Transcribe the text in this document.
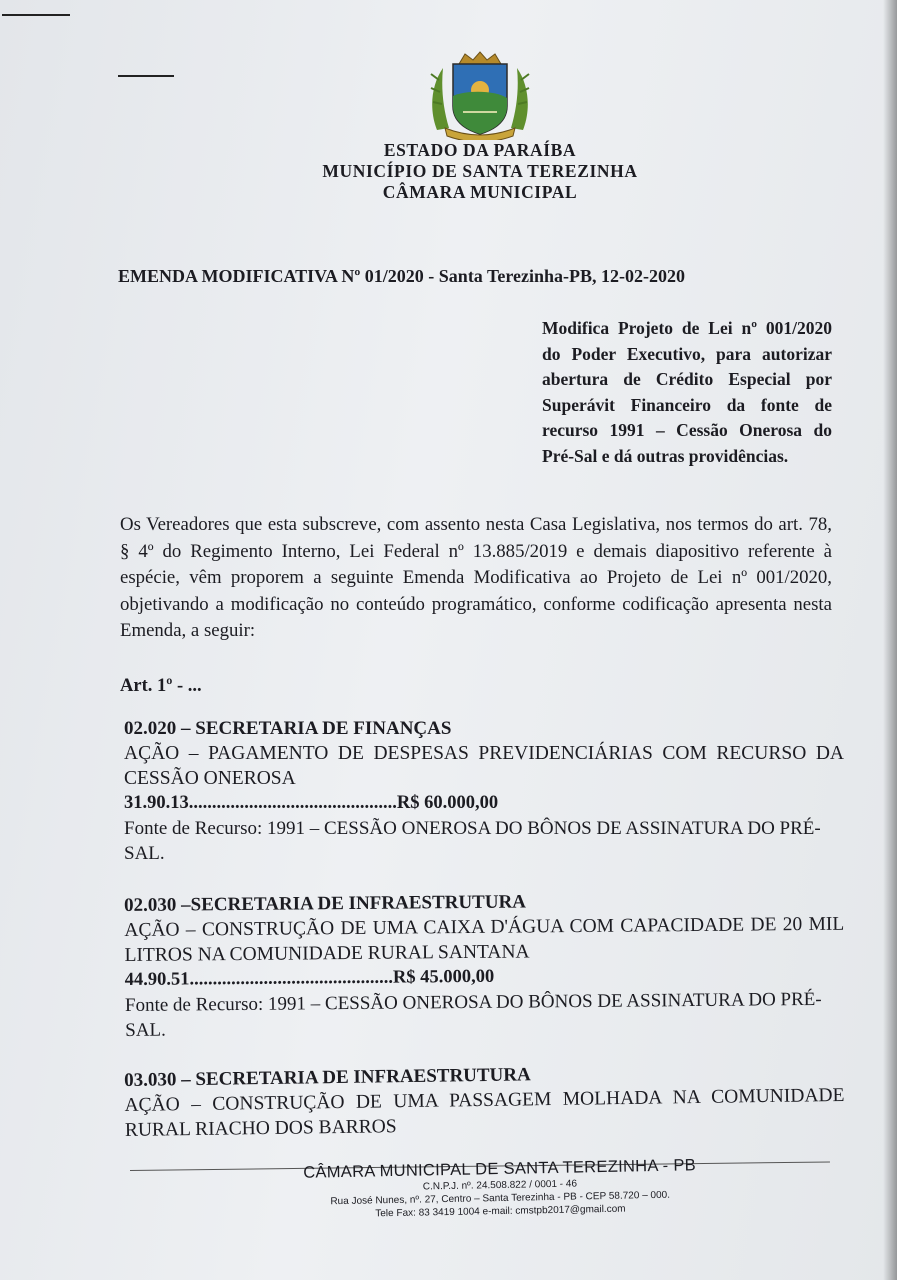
ESTADO DA PARAÍBA
MUNICÍPIO DE SANTA TEREZINHA
CÂMARA MUNICIPAL
EMENDA MODIFICATIVA Nº 01/2020 - Santa Terezinha-PB, 12-02-2020
Modifica Projeto de Lei nº 001/2020 do Poder Executivo, para autorizar abertura de Crédito Especial por Superávit Financeiro da fonte de recurso 1991 – Cessão Onerosa do Pré-Sal e dá outras providências.
Os Vereadores que esta subscreve, com assento nesta Casa Legislativa, nos termos do art. 78, § 4º do Regimento Interno, Lei Federal nº 13.885/2019 e demais diapositivo referente à espécie, vêm proporem a seguinte Emenda Modificativa ao Projeto de Lei nº 001/2020, objetivando a modificação no conteúdo programático, conforme codificação apresenta nesta Emenda, a seguir:
Art. 1º - ...
02.020 – SECRETARIA DE FINANÇAS
AÇÃO – PAGAMENTO DE DESPESAS PREVIDENCIÁRIAS COM RECURSO DA CESSÃO ONEROSA
31.90.13.............................................R$ 60.000,00
Fonte de Recurso: 1991 – CESSÃO ONEROSA DO BÔNOS DE ASSINATURA DO PRÉ-SAL.
02.030 –SECRETARIA DE INFRAESTRUTURA
AÇÃO – CONSTRUÇÃO DE UMA CAIXA D'ÁGUA COM CAPACIDADE DE 20 MIL LITROS NA COMUNIDADE RURAL SANTANA
44.90.51............................................R$ 45.000,00
Fonte de Recurso: 1991 – CESSÃO ONEROSA DO BÔNOS DE ASSINATURA DO PRÉ-SAL.
03.030 – SECRETARIA DE INFRAESTRUTURA
AÇÃO – CONSTRUÇÃO DE UMA PASSAGEM MOLHADA NA COMUNIDADE RURAL RIACHO DOS BARROS
CÂMARA MUNICIPAL DE SANTA TEREZINHA - PB
C.N.P.J. nº. 24.508.822 / 0001 - 46
Rua José Nunes, nº. 27, Centro – Santa Terezinha - PB - CEP 58.720 – 000.
Tele Fax: 83 3419 1004 e-mail: cmstpb2017@gmail.com
